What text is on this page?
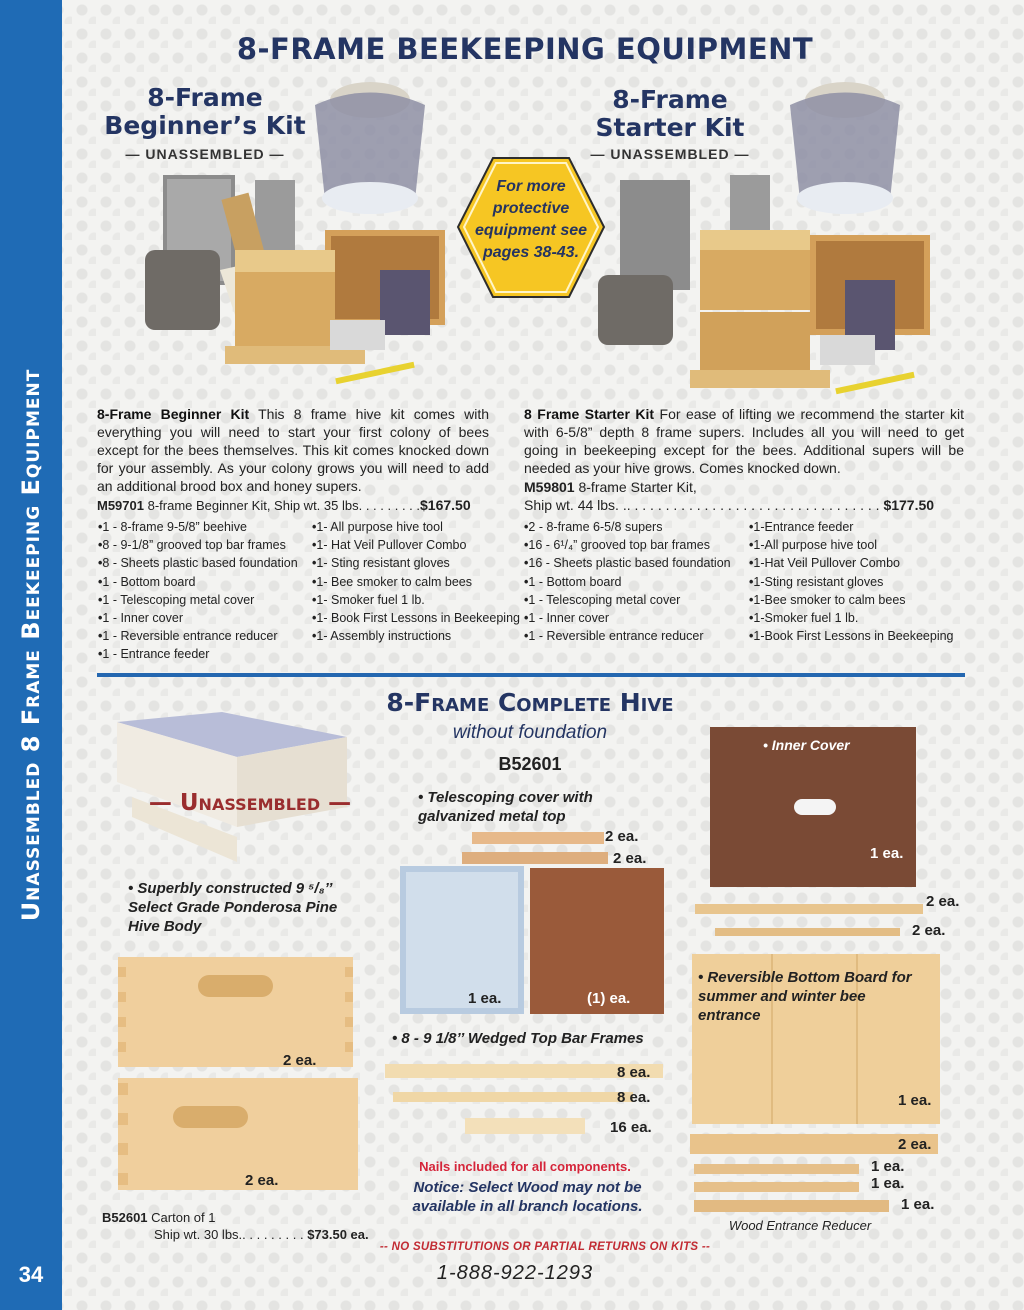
Unassembled 8 Frame Beekeeping Equipment
34
8-FRAME BEEKEEPING EQUIPMENT
8-Frame
Beginner’s Kit
— UNASSEMBLED —
8-Frame
Starter Kit
— UNASSEMBLED —
For more protective equipment see pages 38-43.
8-Frame Beginner Kit This 8 frame hive kit comes with everything you will need to start your first colony of bees except for the bees themselves. This kit comes knocked down for your assembly. As your colony grows you will need to add an additional brood box and honey supers.
M59701 8-frame Beginner Kit, Ship wt. 35 lbs. . . . . . . . .$167.50
• 1 - 8-frame 9-5/8” beehive
• 8 - 9-1/8” grooved top bar frames
• 8 - Sheets plastic based foundation
• 1 - Bottom board
• 1 - Telescoping metal cover
• 1 - Inner cover
• 1 - Reversible entrance reducer
• 1 - Entrance feeder
• 1- All purpose hive tool
• 1- Hat Veil Pullover Combo
• 1- Sting resistant gloves
• 1- Bee smoker to calm bees
• 1- Smoker fuel 1 lb.
• 1- Book First Lessons in Beekeeping
• 1- Assembly instructions
8 Frame Starter Kit For ease of lifting we recommend the starter kit with 6-5/8” depth 8 frame supers. Includes all you will need to get going in beekeeping except for the bees. Additional supers will be needed as your hive grows. Comes knocked down.
M59801 8-frame Starter Kit,
Ship wt. 44 lbs. .. . . . . . . . . . . . . . . . . . . . . . . . . . . . . . . . . $177.50
• 2 - 8-frame 6-5/8 supers
• 16 - 6¹/₄” grooved top bar frames
• 16 - Sheets plastic based foundation
• 1 - Bottom board
• 1 - Telescoping metal cover
• 1 - Inner cover
• 1 - Reversible entrance reducer
• 1-Entrance feeder
• 1-All purpose hive tool
• 1-Hat Veil Pullover Combo
• 1-Sting resistant gloves
• 1-Bee smoker to calm bees
• 1-Smoker fuel 1 lb.
• 1-Book First Lessons in Beekeeping
8-Frame Complete Hive
without foundation
B52601
— Unassembled —
• Superbly constructed 9 ⁵/₈’’ Select Grade Ponderosa Pine Hive Body
2 ea.
2 ea.
B52601 Carton of 1
Ship wt. 30 lbs.. . . . . . . . . $73.50 ea.
• Telescoping cover with galvanized metal top
2 ea.
2 ea.
1 ea.	(1) ea.
• 8 - 9 1/8’’ Wedged Top Bar Frames
8 ea.
8 ea.
16 ea.
Nails included for all components.
Notice: Select Wood may not be available in all branch locations.
• Inner Cover
1 ea.
2 ea.
2 ea.
• Reversible Bottom Board for summer and winter bee entrance
1 ea.
2 ea.
1 ea.
1 ea.
1 ea.
Wood Entrance Reducer
-- NO SUBSTITUTIONS OR PARTIAL RETURNS ON KITS --
1-888-922-1293
